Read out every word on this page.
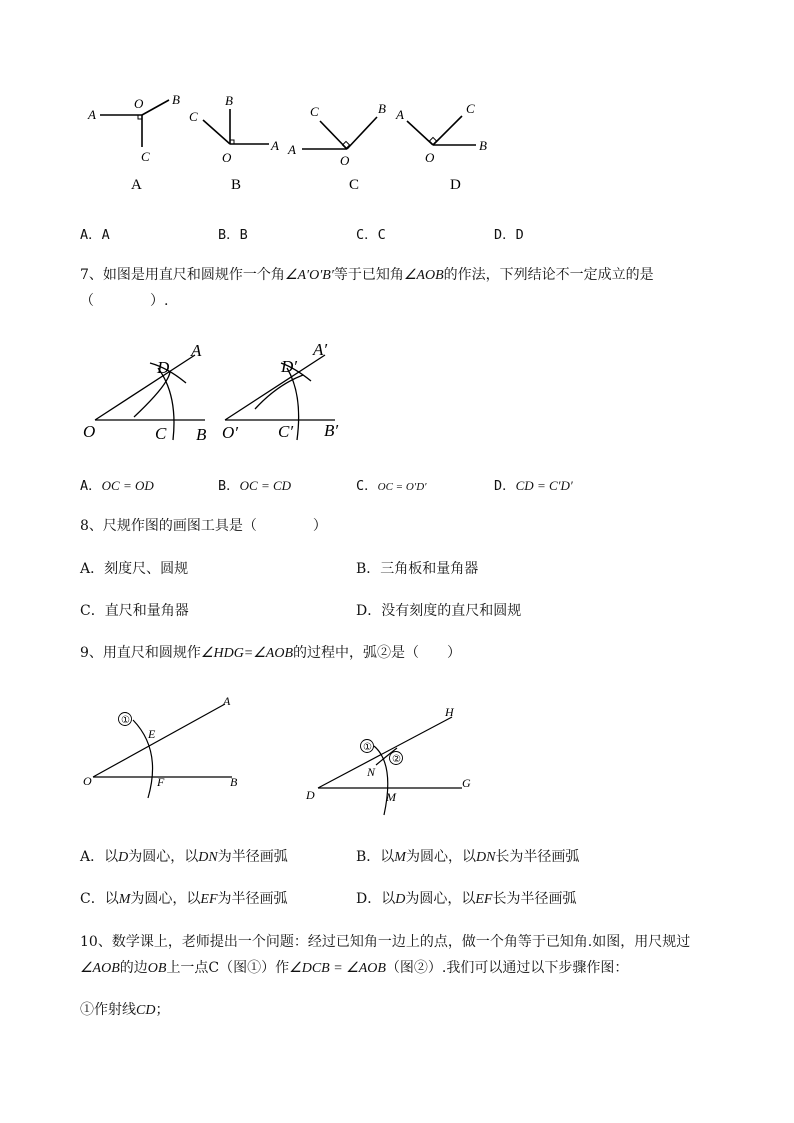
A
O B
C
A
B
C
O
A
B
C	B
A
O
C
A	C
O
B
D
A．A	B．B	C．C	D．D
7、如图是用直尺和圆规作一个角∠A′O′B′等于已知角∠AOB的作法，下列结论不一定成立的是
（　　　　）.
A
D
O	C B
A′
D′
O′ C′ B′
A．OC = OD	B．OC = CD	C．OC = O′D′	D．CD = C′D′
8、尺规作图的画图工具是（　　　　）
A．刻度尺、圆规	B．三角板和量角器
C．直尺和量角器	D．没有刻度的直尺和圆规
9、用直尺和圆规作∠HDG=∠AOB的过程中，弧②是（　　）
①
A
E
O	F	B
①
②
H
N
D	M
G
A．以D为圆心，以DN为半径画弧	B．以M为圆心，以DN长为半径画弧
C．以M为圆心，以EF为半径画弧	D．以D为圆心，以EF长为半径画弧
10、数学课上，老师提出一个问题：经过已知角一边上的点，做一个角等于已知角.如图，用尺规过
∠AOB的边OB上一点C（图①）作∠DCB = ∠AOB（图②）.我们可以通过以下步骤作图：
①作射线CD；
